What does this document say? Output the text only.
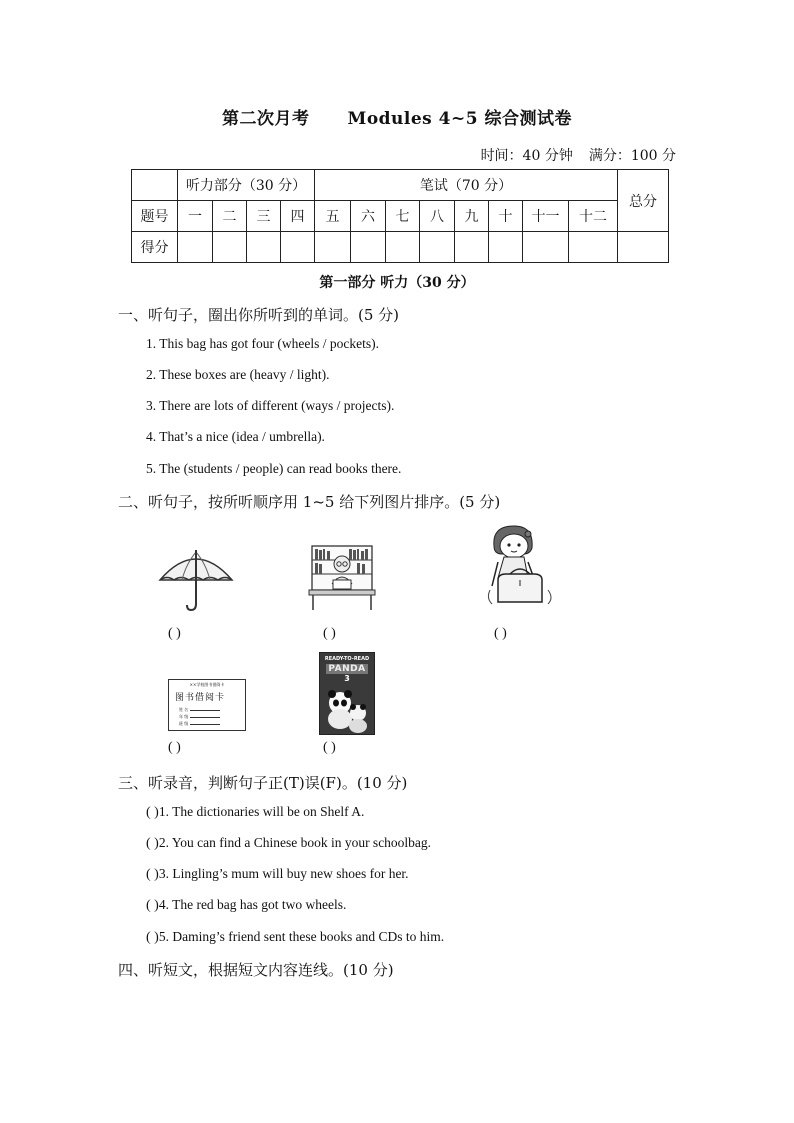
第二次月考 Modules 4~5 综合测试卷
时间：40 分钟 满分：100 分
	听力部分（30 分）				笔试（70 分）								总分
题号	一	二	三	四	五	六	七	八	九	十	十一	十二	
得分													
第一部分 听力（30 分）
一、听句子，圈出你所听到的单词。(5 分)
1. This bag has got four (wheels / pockets).
2. These boxes are (heavy / light).
3. There are lots of different (ways / projects).
4. That’s a nice (idea / umbrella).
5. The (students / people) can read books there.
二、听句子，按所听顺序用 1~5 给下列图片排序。(5 分)
( )	( )	( )
××学校图书借阅卡
图书借阅卡
姓 名
年 级
班 级
READY-TO-READ
PANDA
3
( )	( )
三、听录音，判断句子正(T)误(F)。(10 分)
( )1. The dictionaries will be on Shelf A.
( )2. You can find a Chinese book in your schoolbag.
( )3. Lingling’s mum will buy new shoes for her.
( )4. The red bag has got two wheels.
( )5. Daming’s friend sent these books and CDs to him.
四、听短文，根据短文内容连线。(10 分)
